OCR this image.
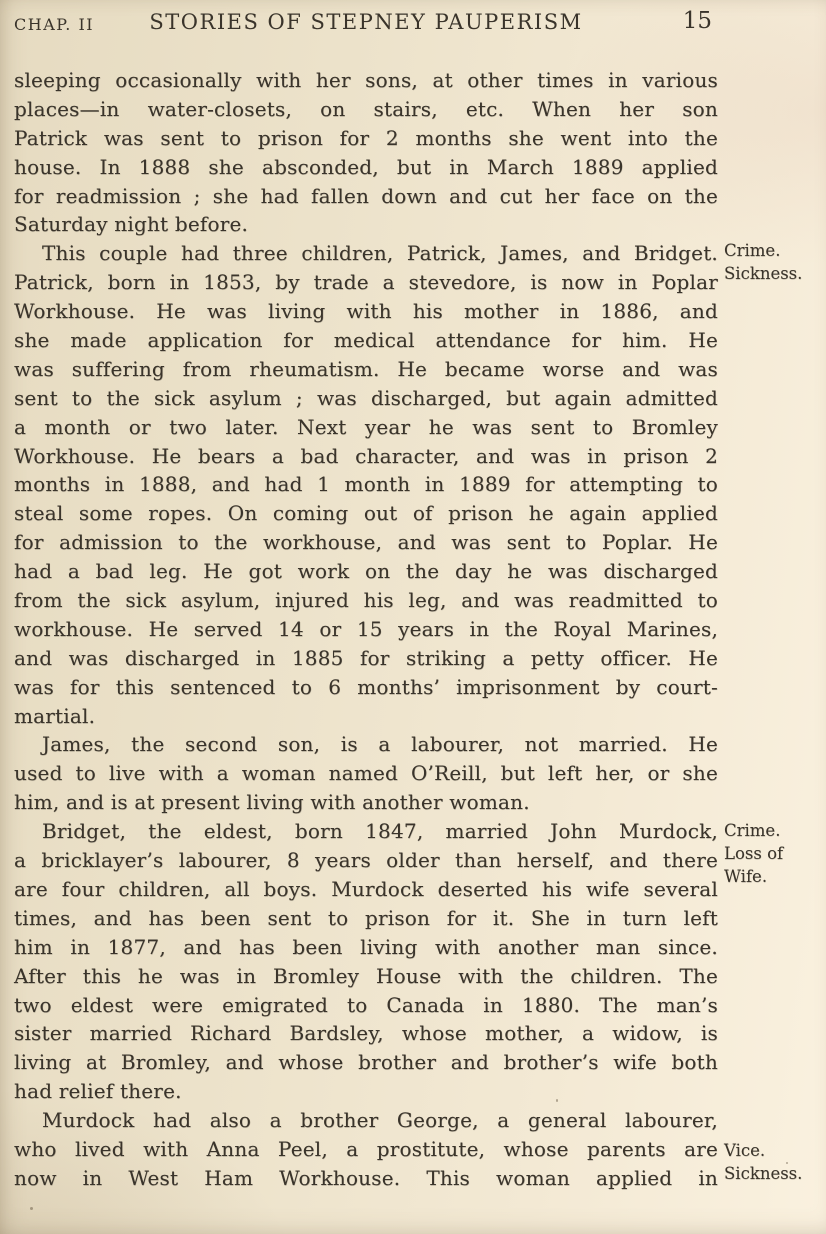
CHAP. II	STORIES OF STEPNEY PAUPERISM	15
sleeping occasionally with her sons, at other times in various
places—in water-closets, on stairs, etc. When her son
Patrick was sent to prison for 2 months she went into the
house. In 1888 she absconded, but in March 1889 applied
for readmission ; she had fallen down and cut her face on the
Saturday night before.
This couple had three children, Patrick, James, and Bridget.
Patrick, born in 1853, by trade a stevedore, is now in Poplar
Workhouse. He was living with his mother in 1886, and
she made application for medical attendance for him. He
was suffering from rheumatism. He became worse and was
sent to the sick asylum ; was discharged, but again admitted
a month or two later. Next year he was sent to Bromley
Workhouse. He bears a bad character, and was in prison 2
months in 1888, and had 1 month in 1889 for attempting to
steal some ropes. On coming out of prison he again applied
for admission to the workhouse, and was sent to Poplar. He
had a bad leg. He got work on the day he was discharged
from the sick asylum, injured his leg, and was readmitted to
workhouse. He served 14 or 15 years in the Royal Marines,
and was discharged in 1885 for striking a petty officer. He
was for this sentenced to 6 months’ imprisonment by court-
martial.
James, the second son, is a labourer, not married. He
used to live with a woman named O’Reill, but left her, or she
him, and is at present living with another woman.
Bridget, the eldest, born 1847, married John Murdock,
a bricklayer’s labourer, 8 years older than herself, and there
are four children, all boys. Murdock deserted his wife several
times, and has been sent to prison for it. She in turn left
him in 1877, and has been living with another man since.
After this he was in Bromley House with the children. The
two eldest were emigrated to Canada in 1880. The man’s
sister married Richard Bardsley, whose mother, a widow, is
living at Bromley, and whose brother and brother’s wife both
had relief there.
Murdock had also a brother George, a general labourer,
who lived with Anna Peel, a prostitute, whose parents are
now in West Ham Workhouse. This woman applied in
Crime.
Sickness.
Crime.
Loss of
Wife.
Vice.
Sickness.
